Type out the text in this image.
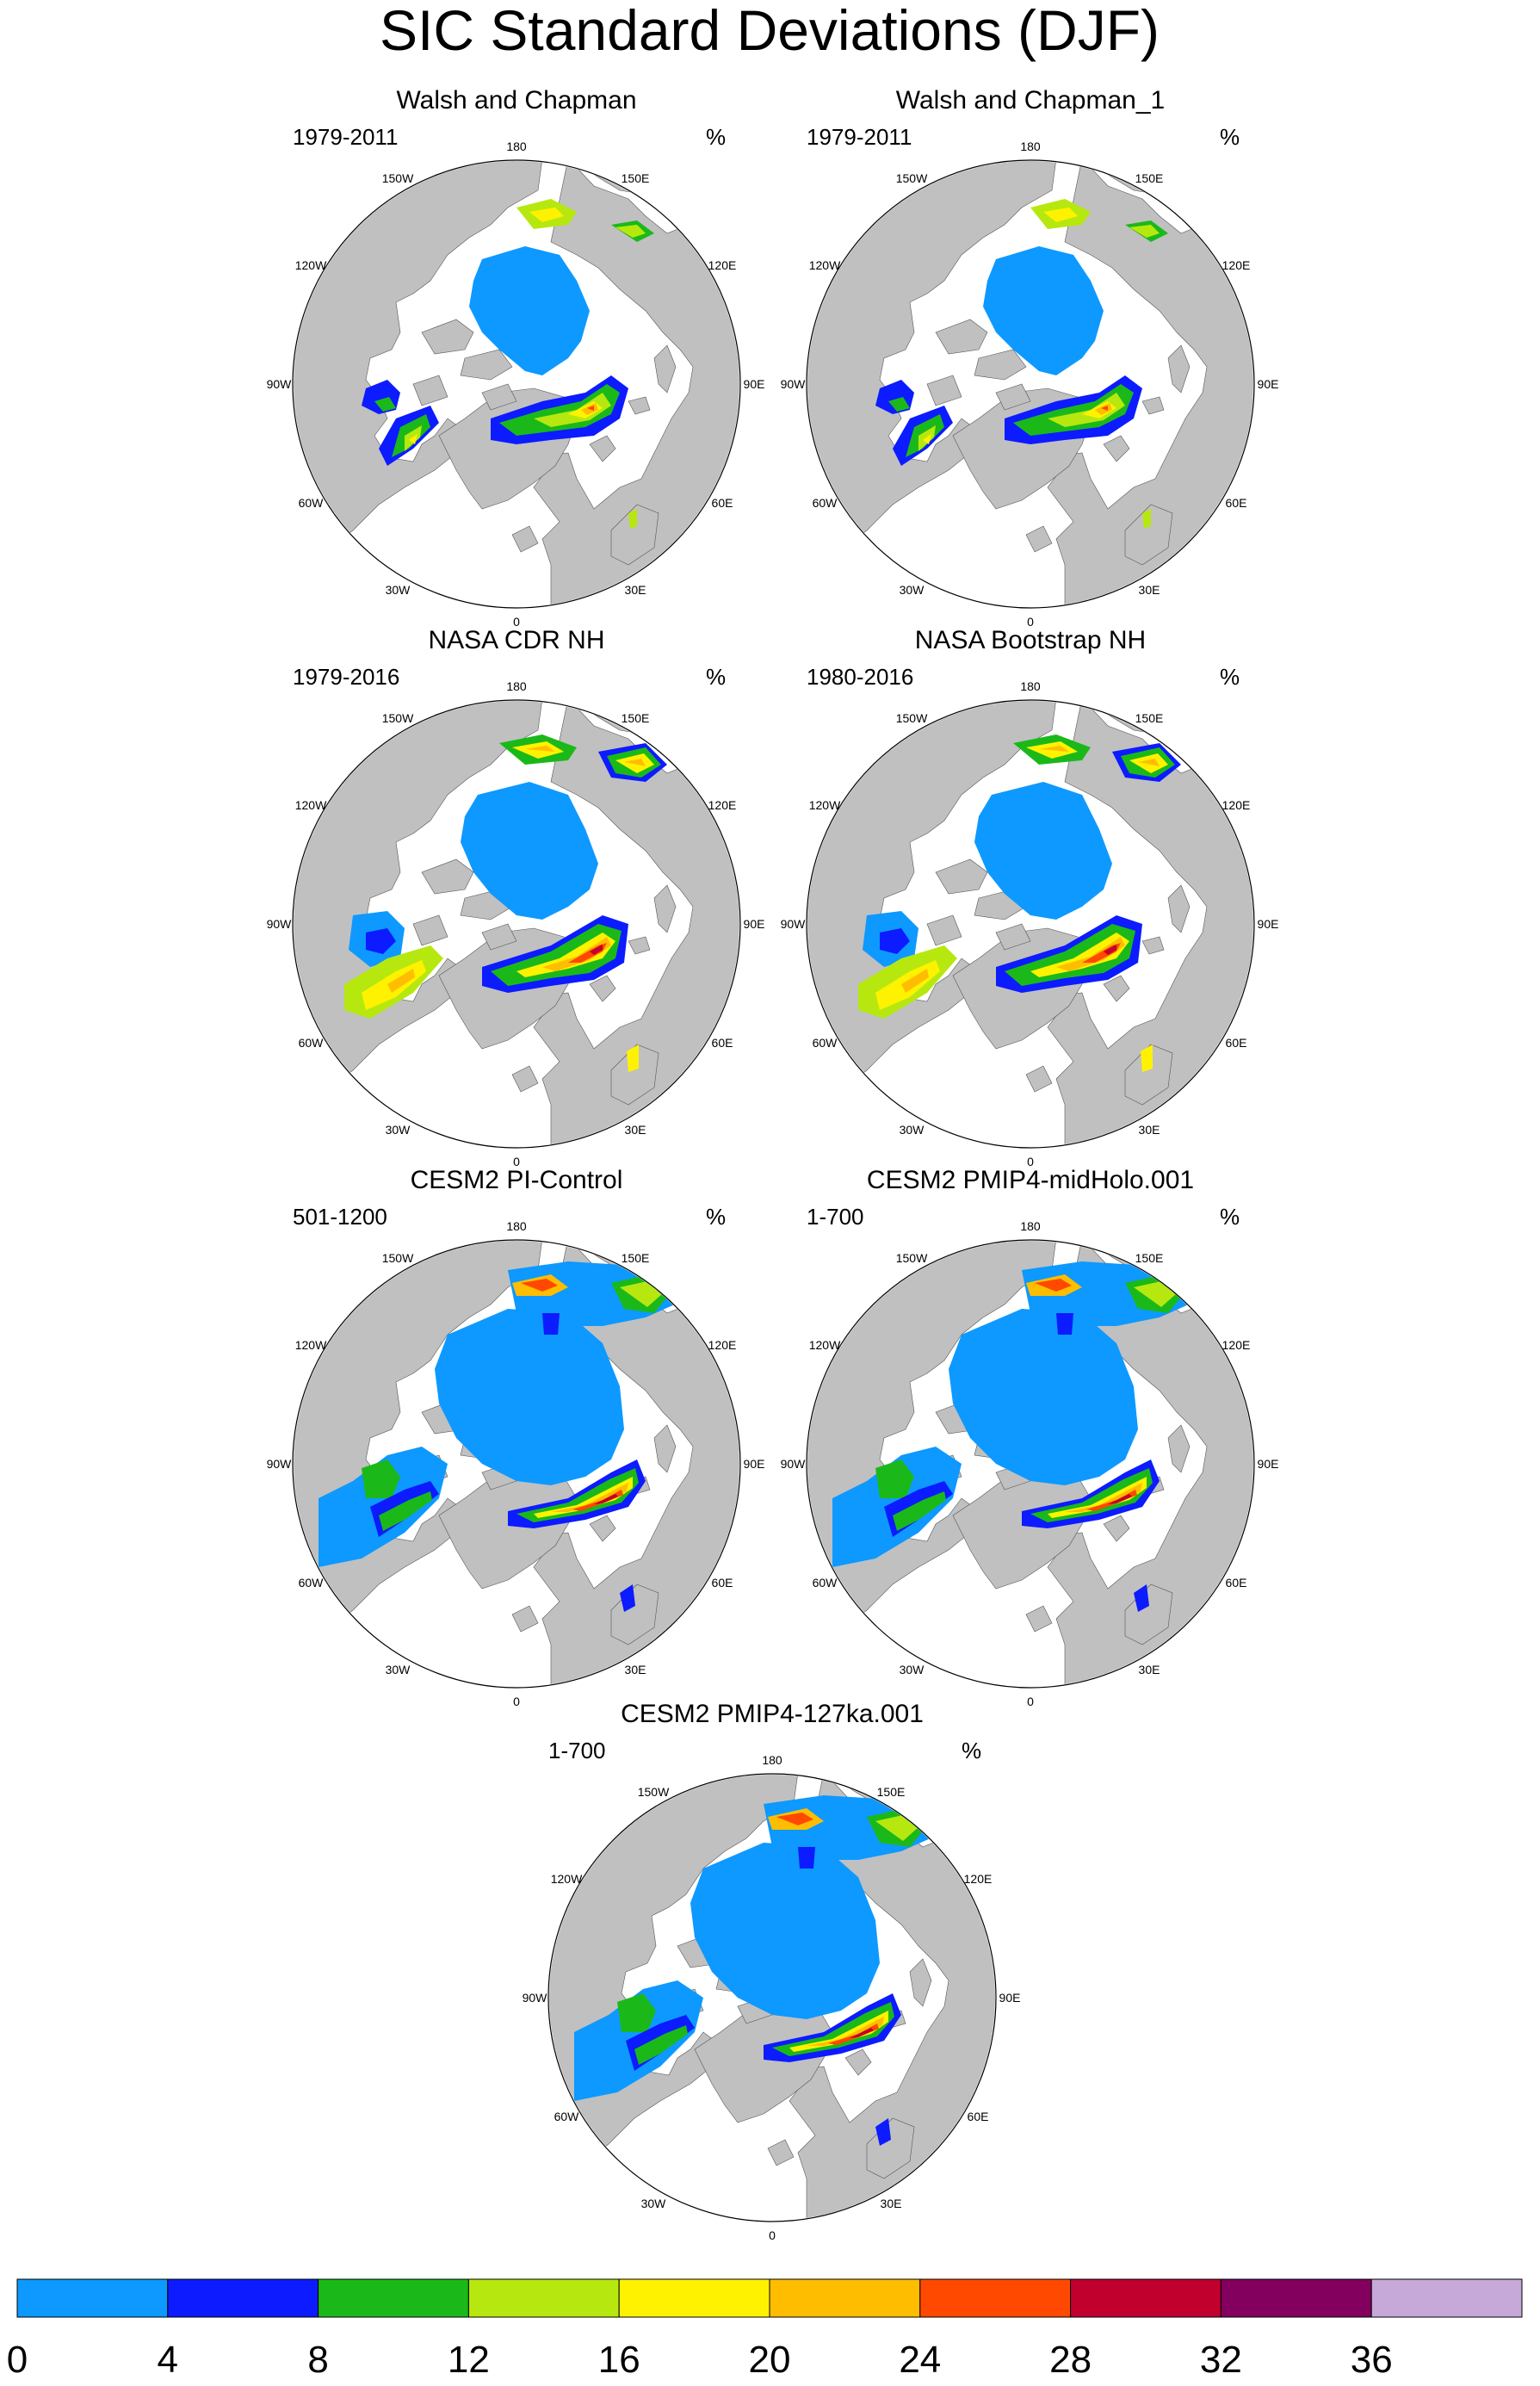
SIC Standard Deviations (DJF)
Walsh and Chapman
1979-2011	%
180
150E
120E
90E
60E
30E
0
30W
60W
90W
120W
150W
Walsh and Chapman_1
1979-2011	%
180
150E
120E
90E
60E
30E
0
30W
60W
90W
120W
150W
NASA CDR NH
1979-2016	%
180
150E
120E
90E
60E
30E
0
30W
60W
90W
120W
150W
NASA Bootstrap NH
1980-2016	%
180
150E
120E
90E
60E
30E
0
30W
60W
90W
120W
150W
CESM2 PI-Control
501-1200	%
180
150E
120E
90E
60E
30E
0
30W
60W
90W
120W
150W
CESM2 PMIP4-midHolo.001
1-700	%
180
150E
120E
90E
60E
30E
0
30W
60W
90W
120W
150W
CESM2 PMIP4-127ka.001
1-700	%
180
150E
120E
90E
60E
30E
0
30W
60W
90W
120W
150W
0	4	8	12	16	20	24	28	32	36
